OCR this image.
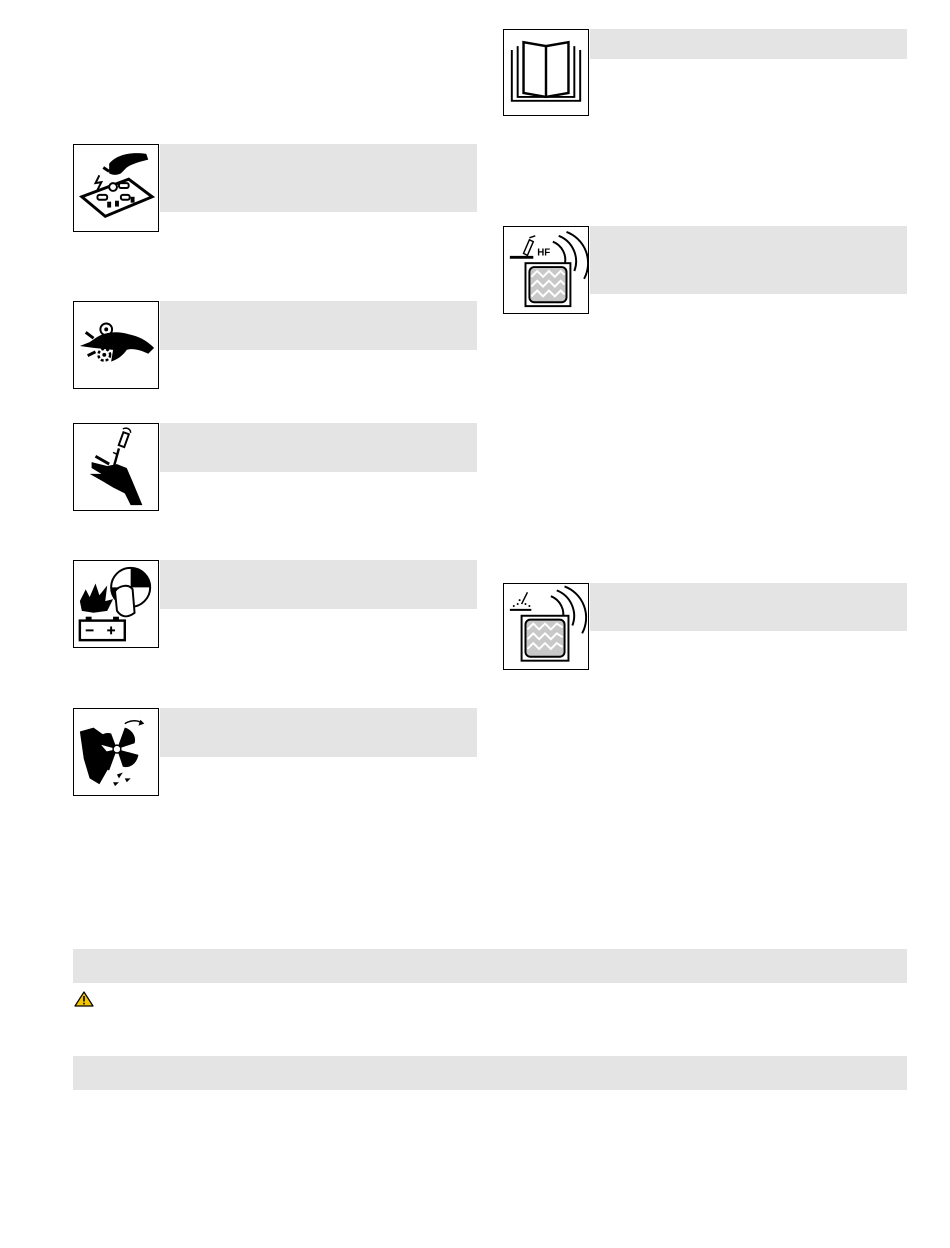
HF
